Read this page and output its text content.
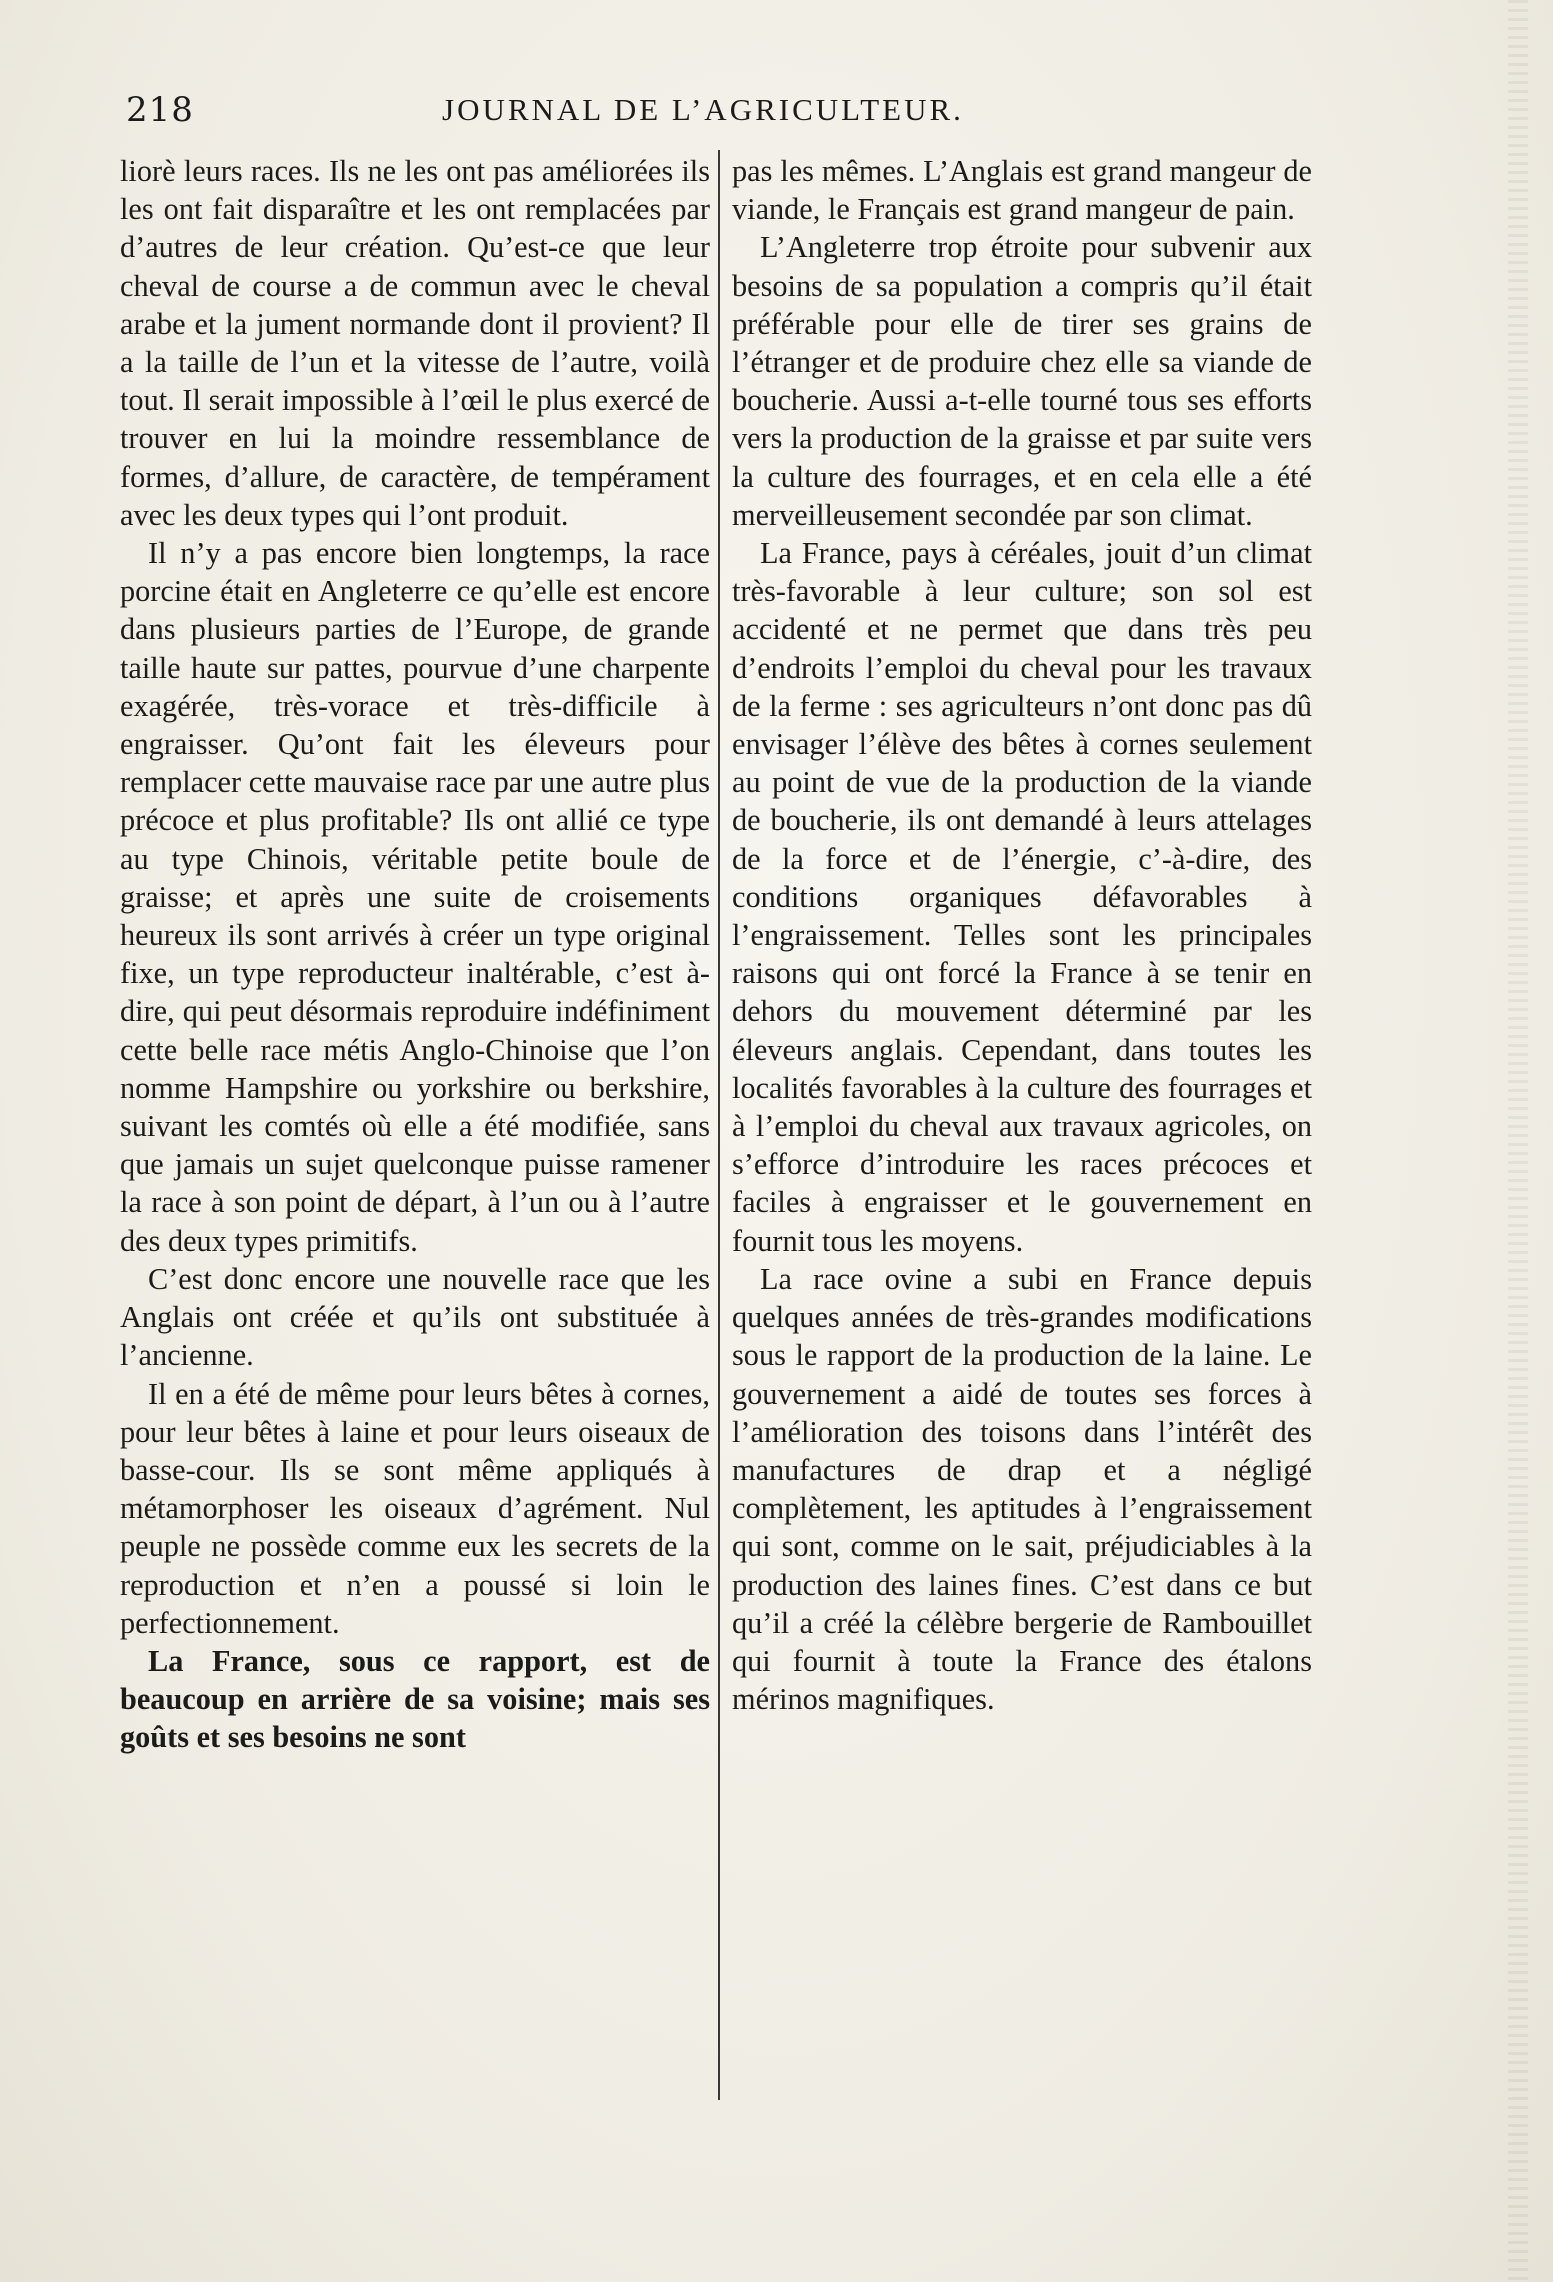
218	JOURNAL DE L’AGRICULTEUR.

liorè leurs races. Ils ne les ont pas améliorées ils les ont fait disparaître et les ont remplacées par d’autres de leur création. Qu’est-ce que leur cheval de course a de commun avec le cheval arabe et la jument normande dont il provient? Il a la taille de l’un et la vitesse de l’autre, voilà tout. Il serait impossible à l’œil le plus exercé de trouver en lui la moindre ressemblance de formes, d’allure, de caractère, de tempérament avec les deux types qui l’ont produit.

Il n’y a pas encore bien longtemps, la race porcine était en Angleterre ce qu’elle est encore dans plusieurs parties de l’Europe, de grande taille haute sur pattes, pourvue d’une charpente exagérée, très-vorace et très-difficile à engraisser. Qu’ont fait les éleveurs pour remplacer cette mauvaise race par une autre plus précoce et plus profitable? Ils ont allié ce type au type Chinois, véritable petite boule de graisse; et après une suite de croisements heureux ils sont arrivés à créer un type original fixe, un type reproducteur inaltérable, c’est à-dire, qui peut désormais reproduire indéfiniment cette belle race métis Anglo-Chinoise que l’on nomme Hampshire ou yorkshire ou berkshire, suivant les comtés où elle a été modifiée, sans que jamais un sujet quelconque puisse ramener la race à son point de départ, à l’un ou à l’autre des deux types primitifs.

C’est donc encore une nouvelle race que les Anglais ont créée et qu’ils ont substituée à l’ancienne.

Il en a été de même pour leurs bêtes à cornes, pour leur bêtes à laine et pour leurs oiseaux de basse-cour. Ils se sont même appliqués à métamorphoser les oiseaux d’agrément. Nul peuple ne possède comme eux les secrets de la reproduction et n’en a poussé si loin le perfectionnement.

La France, sous ce rapport, est de beaucoup en arrière de sa voisine; mais ses goûts et ses besoins ne sont

pas les mêmes. L’Anglais est grand mangeur de viande, le Français est grand mangeur de pain.

L’Angleterre trop étroite pour subvenir aux besoins de sa population a compris qu’il était préférable pour elle de tirer ses grains de l’étranger et de produire chez elle sa viande de boucherie. Aussi a-t-elle tourné tous ses efforts vers la production de la graisse et par suite vers la culture des fourrages, et en cela elle a été merveilleusement secondée par son climat.

La France, pays à céréales, jouit d’un climat très-favorable à leur culture; son sol est accidenté et ne permet que dans très peu d’endroits l’emploi du cheval pour les travaux de la ferme : ses agriculteurs n’ont donc pas dû envisager l’élève des bêtes à cornes seulement au point de vue de la production de la viande de boucherie, ils ont demandé à leurs attelages de la force et de l’énergie, c’-à-dire, des conditions organiques défavorables à l’engraissement. Telles sont les principales raisons qui ont forcé la France à se tenir en dehors du mouvement déterminé par les éleveurs anglais. Cependant, dans toutes les localités favorables à la culture des fourrages et à l’emploi du cheval aux travaux agricoles, on s’efforce d’introduire les races précoces et faciles à engraisser et le gouvernement en fournit tous les moyens.

La race ovine a subi en France depuis quelques années de très-grandes modifications sous le rapport de la production de la laine. Le gouvernement a aidé de toutes ses forces à l’amélioration des toisons dans l’intérêt des manufactures de drap et a négligé complètement, les aptitudes à l’engraissement qui sont, comme on le sait, préjudiciables à la production des laines fines. C’est dans ce but qu’il a créé la célèbre bergerie de Rambouillet qui fournit à toute la France des étalons mérinos magnifiques.
